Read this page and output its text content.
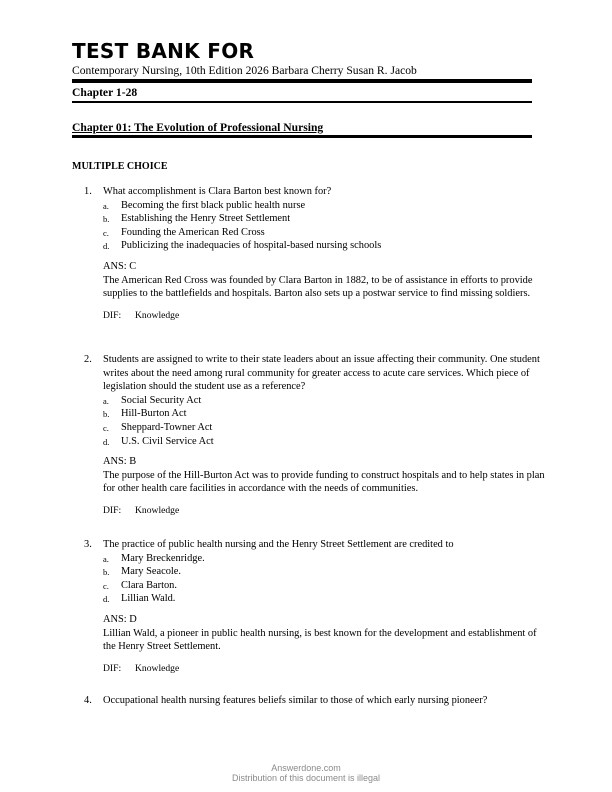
TEST BANK FOR
Contemporary Nursing, 10th Edition 2026 Barbara Cherry Susan R. Jacob
Chapter 1-28
Chapter 01: The Evolution of Professional Nursing
MULTIPLE CHOICE
1. What accomplishment is Clara Barton best known for?
a. Becoming the first black public health nurse
b. Establishing the Henry Street Settlement
c. Founding the American Red Cross
d. Publicizing the inadequacies of hospital-based nursing schools
ANS: C
The American Red Cross was founded by Clara Barton in 1882, to be of assistance in efforts to provide supplies to the battlefields and hospitals. Barton also sets up a postwar service to find missing soldiers.
DIF: Knowledge
2. Students are assigned to write to their state leaders about an issue affecting their community. One student writes about the need among rural community for greater access to acute care services. Which piece of legislation should the student use as a reference?
a. Social Security Act
b. Hill-Burton Act
c. Sheppard-Towner Act
d. U.S. Civil Service Act
ANS: B
The purpose of the Hill-Burton Act was to provide funding to construct hospitals and to help states in plan for other health care facilities in accordance with the needs of communities.
DIF: Knowledge
3. The practice of public health nursing and the Henry Street Settlement are credited to
a. Mary Breckenridge.
b. Mary Seacole.
c. Clara Barton.
d. Lillian Wald.
ANS: D
Lillian Wald, a pioneer in public health nursing, is best known for the development and establishment of the Henry Street Settlement.
DIF: Knowledge
4. Occupational health nursing features beliefs similar to those of which early nursing pioneer?
Answerdone.com
Distribution of this document is illegal
